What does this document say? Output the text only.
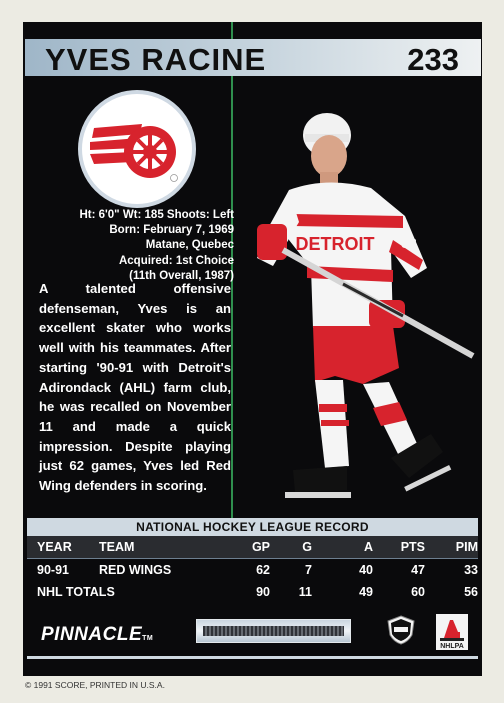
YVES RACINE	233
Ht: 6'0" Wt: 185 Shoots: Left
Born: February 7, 1969
Matane, Quebec
Acquired: 1st Choice
(11th Overall, 1987)
A talented offensive defenseman, Yves is an excellent skater who works well with his teammates. After starting '90-91 with Detroit's Adirondack (AHL) farm club, he was recalled on November 11 and made a quick impression. Despite playing just 62 games, Yves led Red Wing defenders in scoring.
DETROIT 33
NATIONAL HOCKEY LEAGUE RECORD
YEAR TEAM	GP	G	A PTS PIM
90-91 RED WINGS	62	7	40	47	33
NHL TOTALS	90 11	49	60	56
PINNACLETM
NHLPA
© 1991 SCORE, PRINTED IN U.S.A.
